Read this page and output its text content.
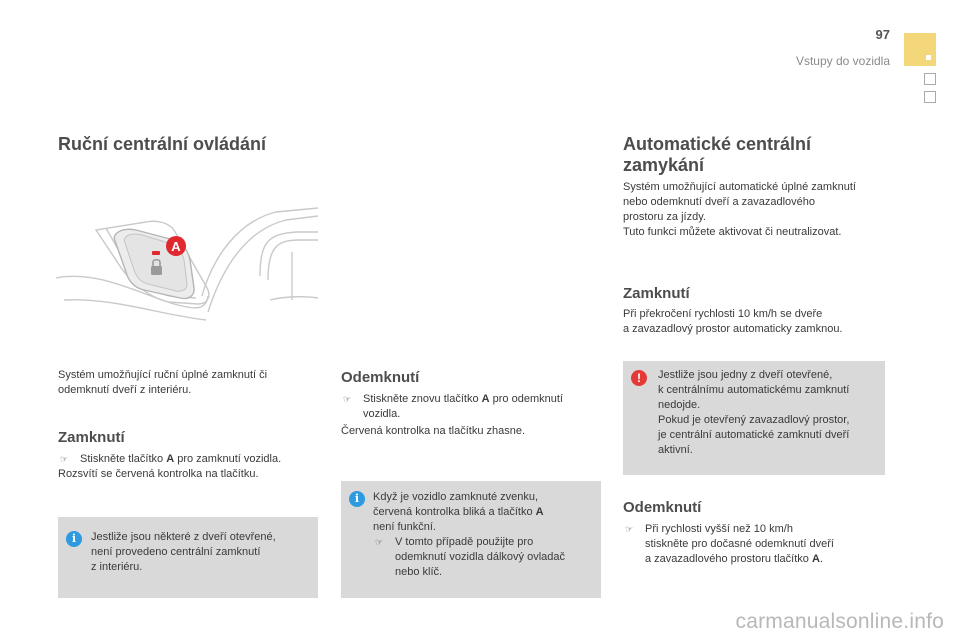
97
Vstupy do vozidla
Ruční centrální ovládání
A
Systém umožňující ruční úplné zamknutí či
odemknutí dveří z interiéru.
Zamknutí
☞	Stiskněte tlačítko A pro zamknutí vozidla.
Rozsvítí se červená kontrolka na tlačítku.
i	Jestliže jsou některé z dveří otevřené,
není provedeno centrální zamknutí
z interiéru.
Odemknutí
☞	Stiskněte znovu tlačítko A pro odemknutí
vozidla.
Červená kontrolka na tlačítku zhasne.
i	Když je vozidlo zamknuté zvenku,
červená kontrolka bliká a tlačítko A
není funkční.
☞	V tomto případě použijte pro
odemknutí vozidla dálkový ovladač
nebo klíč.
Automatické centrální
zamykání
Systém umožňující automatické úplné zamknutí
nebo odemknutí dveří a zavazadlového
prostoru za jízdy.
Tuto funkci můžete aktivovat či neutralizovat.
Zamknutí
Při překročení rychlosti 10 km/h se dveře
a zavazadlový prostor automaticky zamknou.
!	Jestliže jsou jedny z dveří otevřené,
k centrálnímu automatickému zamknutí
nedojde.
Pokud je otevřený zavazadlový prostor,
je centrální automatické zamknutí dveří
aktivní.
Odemknutí
☞	Při rychlosti vyšší než 10 km/h
stiskněte pro dočasné odemknutí dveří
a zavazadlového prostoru tlačítko A.
carmanualsonline.info
